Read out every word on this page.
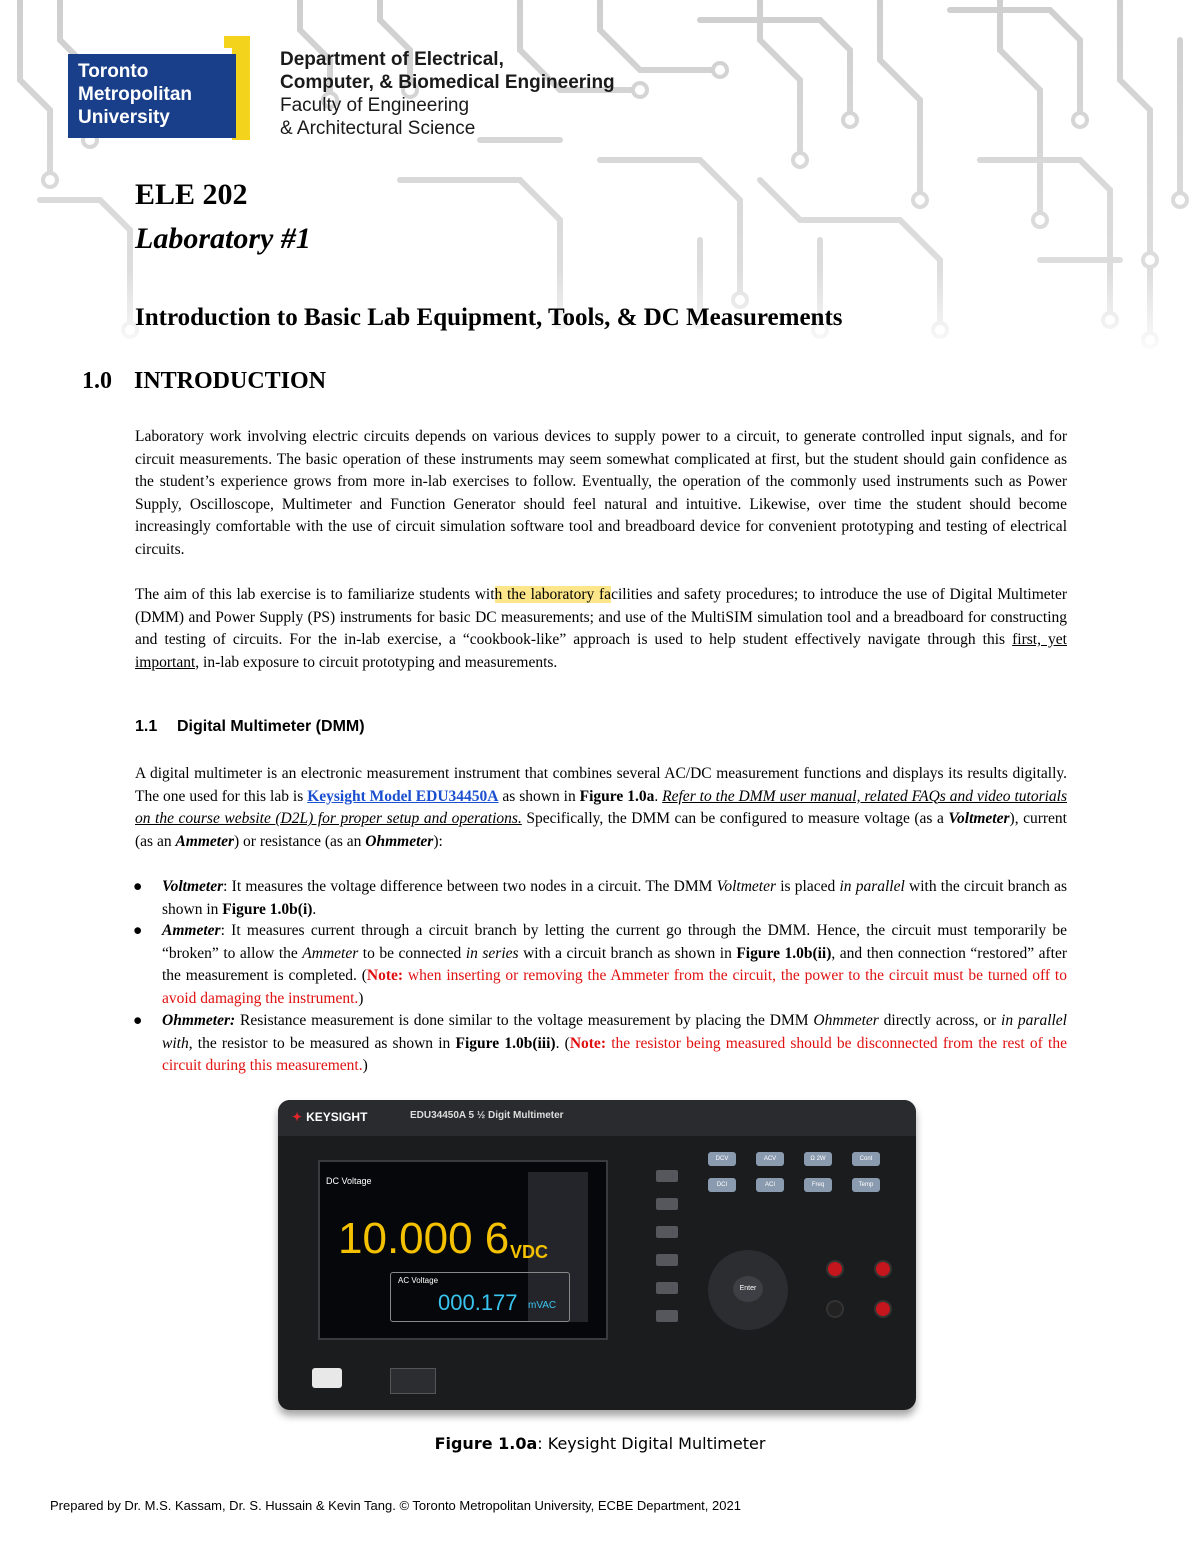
Toronto
Metropolitan
University
Department of Electrical,
Computer, & Biomedical Engineering
Faculty of Engineering
& Architectural Science
ELE 202
Laboratory #1
Introduction to Basic Lab Equipment, Tools, & DC Measurements
1.0 INTRODUCTION
Laboratory work involving electric circuits depends on various devices to supply power to a circuit, to generate controlled input signals, and for circuit measurements. The basic operation of these instruments may seem somewhat complicated at first, but the student should gain confidence as the student’s experience grows from more in-lab exercises to follow. Eventually, the operation of the commonly used instruments such as Power Supply, Oscilloscope, Multimeter and Function Generator should feel natural and intuitive. Likewise, over time the student should become increasingly comfortable with the use of circuit simulation software tool and breadboard device for convenient prototyping and testing of electrical circuits.
The aim of this lab exercise is to familiarize students with the laboratory facilities and safety procedures; to introduce the use of Digital Multimeter (DMM) and Power Supply (PS) instruments for basic DC measurements; and use of the MultiSIM simulation tool and a breadboard for constructing and testing of circuits. For the in-lab exercise, a “cookbook-like” approach is used to help student effectively navigate through this first, yet important, in-lab exposure to circuit prototyping and measurements.
1.1 Digital Multimeter (DMM)
A digital multimeter is an electronic measurement instrument that combines several AC/DC measurement functions and displays its results digitally. The one used for this lab is Keysight Model EDU34450A as shown in Figure 1.0a. Refer to the DMM user manual, related FAQs and video tutorials on the course website (D2L) for proper setup and operations. Specifically, the DMM can be configured to measure voltage (as a Voltmeter), current (as an Ammeter) or resistance (as an Ohmmeter):
● Voltmeter: It measures the voltage difference between two nodes in a circuit. The DMM Voltmeter is placed in parallel with the circuit branch as shown in Figure 1.0b(i).
● Ammeter: It measures current through a circuit branch by letting the current go through the DMM. Hence, the circuit must temporarily be “broken” to allow the Ammeter to be connected in series with a circuit branch as shown in Figure 1.0b(ii), and then connection “restored” after the measurement is completed. (Note: when inserting or removing the Ammeter from the circuit, the power to the circuit must be turned off to avoid damaging the instrument.)
● Ohmmeter: Resistance measurement is done similar to the voltage measurement by placing the DMM Ohmmeter directly across, or in parallel with, the resistor to be measured as shown in Figure 1.0b(iii). (Note: the resistor being measured should be disconnected from the rest of the circuit during this measurement.)
✦ KEYSIGHT	EDU34450A 5 ½ Digit Multimeter
DC Voltage
10.000 6 VDC
AC Voltage
000.177 mVAC
DCV	ACV	Ω 2W	Cont
DCI	ACI	Freq	Temp
Enter
Figure 1.0a: Keysight Digital Multimeter
Prepared by Dr. M.S. Kassam, Dr. S. Hussain & Kevin Tang. © Toronto Metropolitan University, ECBE Department, 2021
